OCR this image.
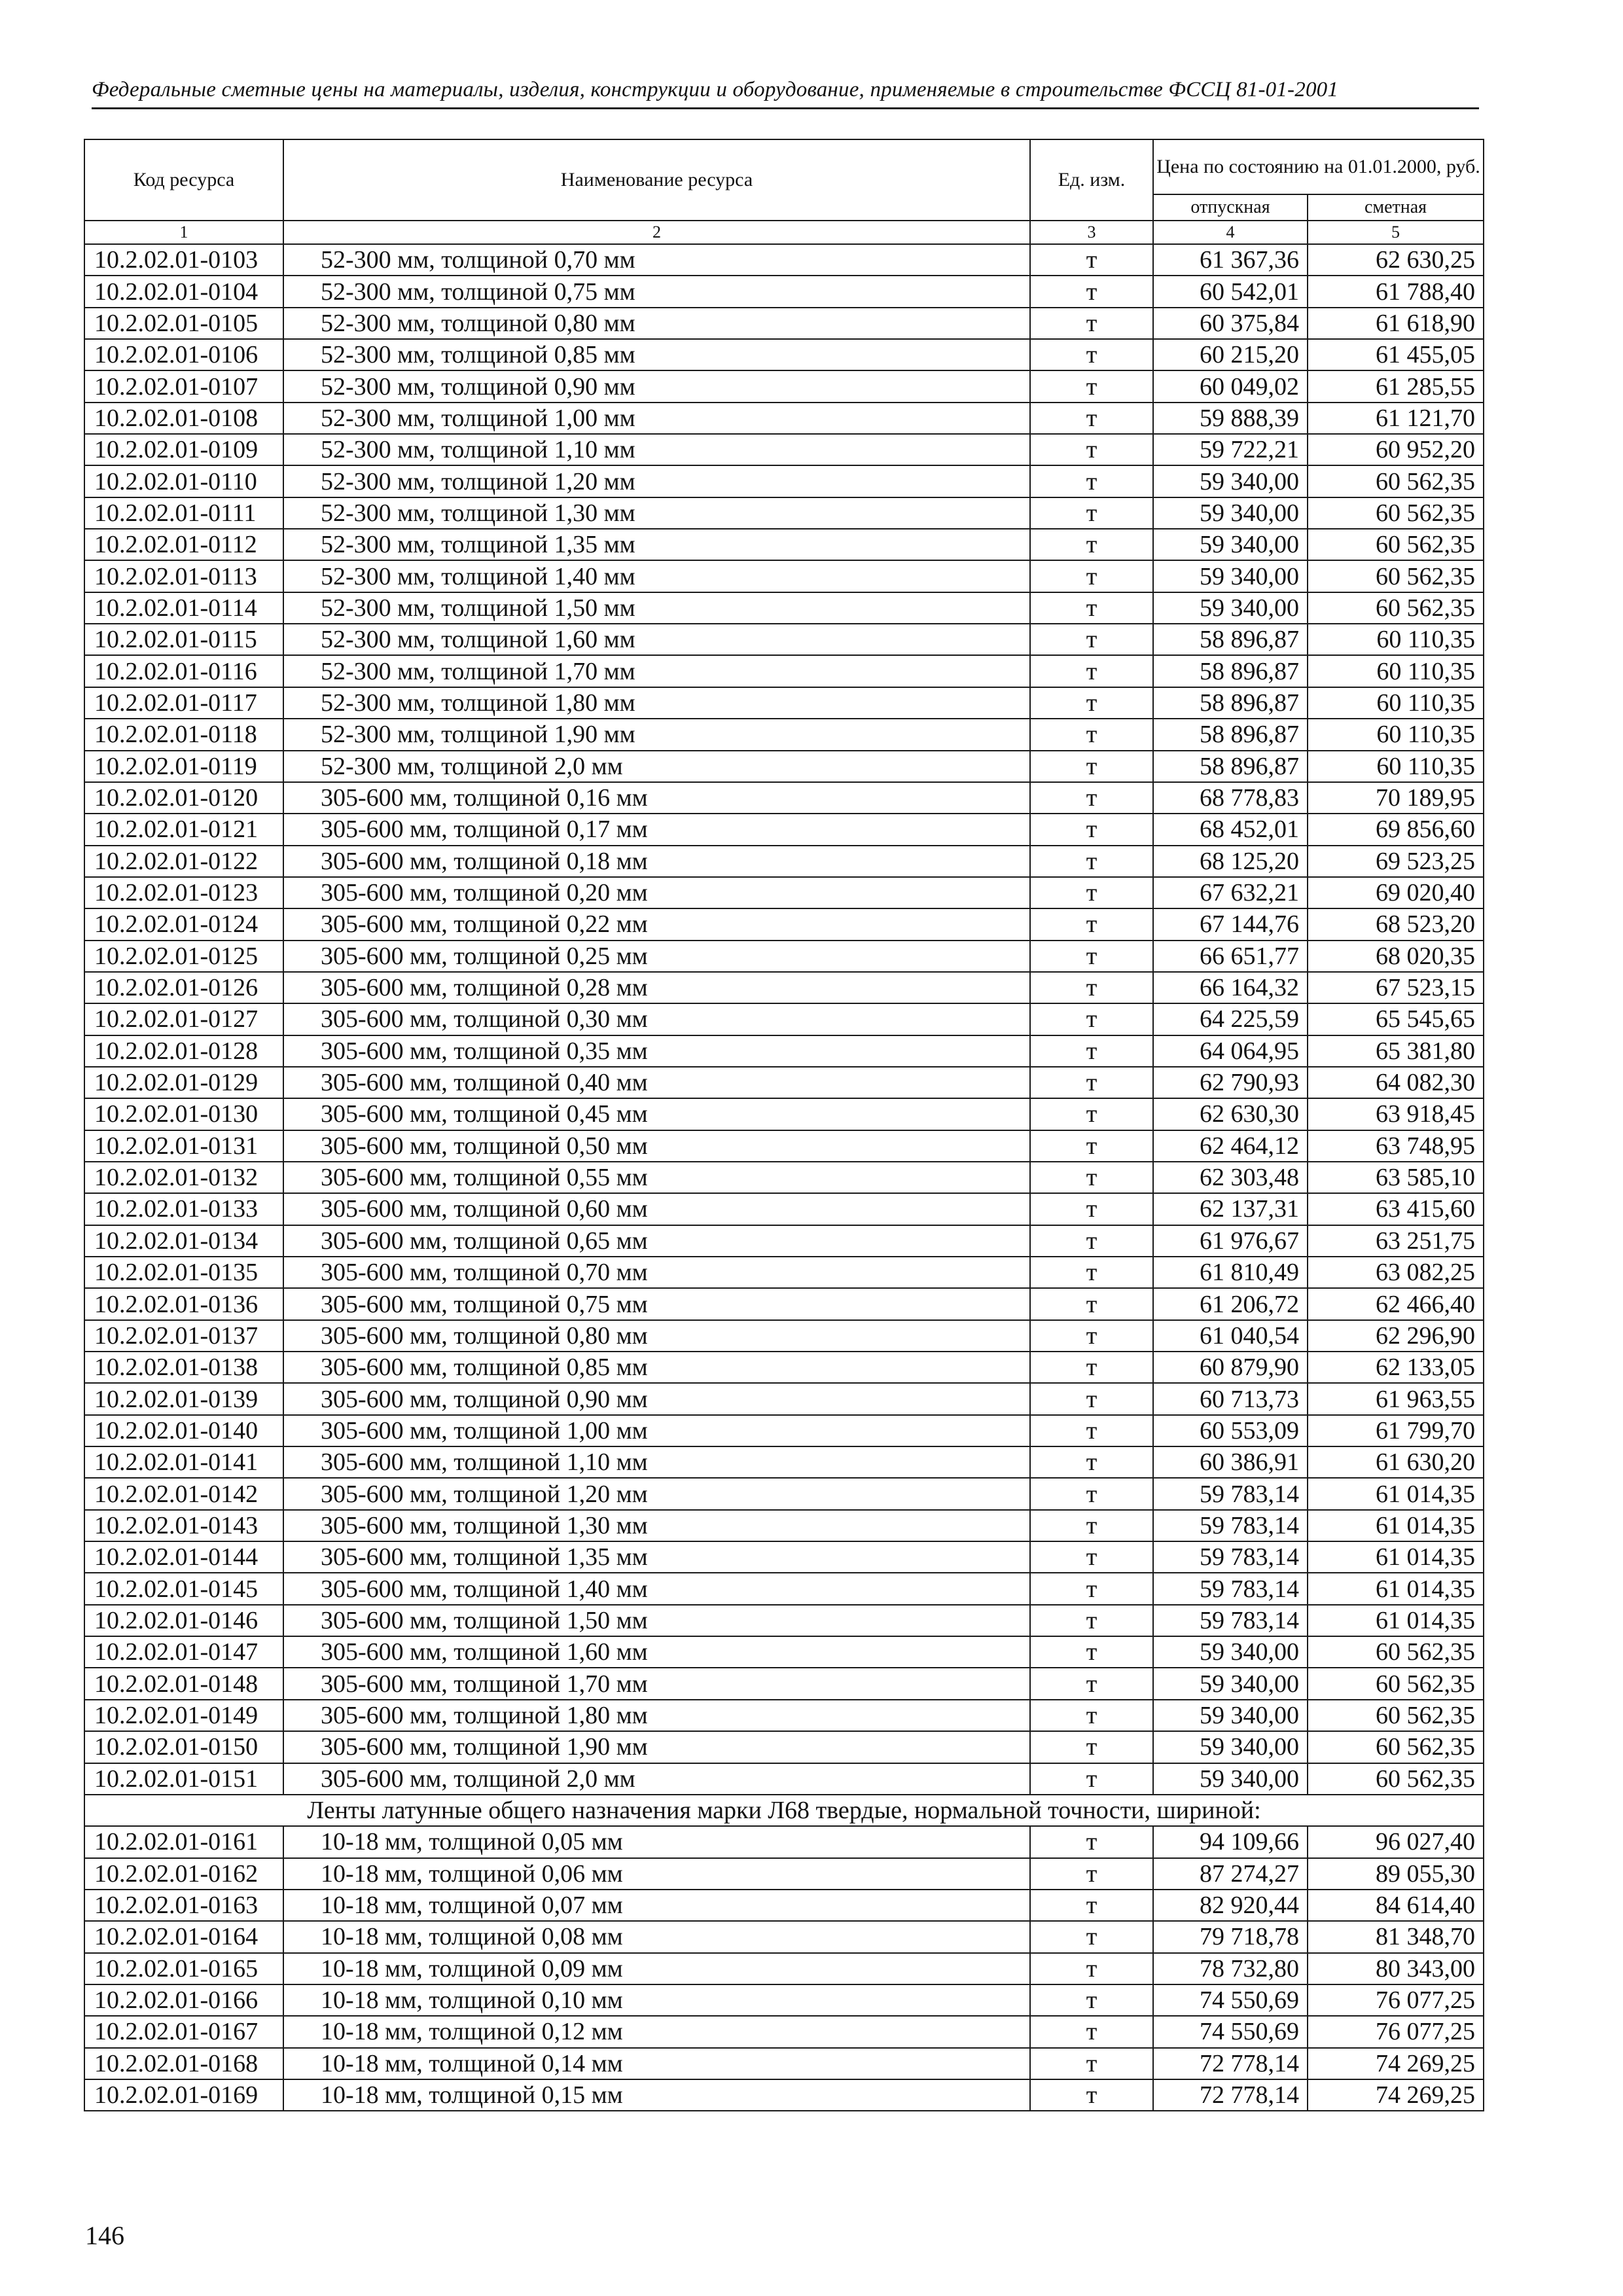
Федеральные сметные цены на материалы, изделия, конструкции и оборудование, применяемые в строительстве ФССЦ 81-01-2001
Код ресурса	Наименование ресурса	Ед. изм.	Цена по состоянию на 01.01.2000, руб.	
			отпускная	сметная
1	2	3	4	5
10.2.02.01-0103	52-300 мм, толщиной 0,70 мм	т	61 367,36	62 630,25
10.2.02.01-0104	52-300 мм, толщиной 0,75 мм	т	60 542,01	61 788,40
10.2.02.01-0105	52-300 мм, толщиной 0,80 мм	т	60 375,84	61 618,90
10.2.02.01-0106	52-300 мм, толщиной 0,85 мм	т	60 215,20	61 455,05
10.2.02.01-0107	52-300 мм, толщиной 0,90 мм	т	60 049,02	61 285,55
10.2.02.01-0108	52-300 мм, толщиной 1,00 мм	т	59 888,39	61 121,70
10.2.02.01-0109	52-300 мм, толщиной 1,10 мм	т	59 722,21	60 952,20
10.2.02.01-0110	52-300 мм, толщиной 1,20 мм	т	59 340,00	60 562,35
10.2.02.01-0111	52-300 мм, толщиной 1,30 мм	т	59 340,00	60 562,35
10.2.02.01-0112	52-300 мм, толщиной 1,35 мм	т	59 340,00	60 562,35
10.2.02.01-0113	52-300 мм, толщиной 1,40 мм	т	59 340,00	60 562,35
10.2.02.01-0114	52-300 мм, толщиной 1,50 мм	т	59 340,00	60 562,35
10.2.02.01-0115	52-300 мм, толщиной 1,60 мм	т	58 896,87	60 110,35
10.2.02.01-0116	52-300 мм, толщиной 1,70 мм	т	58 896,87	60 110,35
10.2.02.01-0117	52-300 мм, толщиной 1,80 мм	т	58 896,87	60 110,35
10.2.02.01-0118	52-300 мм, толщиной 1,90 мм	т	58 896,87	60 110,35
10.2.02.01-0119	52-300 мм, толщиной 2,0 мм	т	58 896,87	60 110,35
10.2.02.01-0120	305-600 мм, толщиной 0,16 мм	т	68 778,83	70 189,95
10.2.02.01-0121	305-600 мм, толщиной 0,17 мм	т	68 452,01	69 856,60
10.2.02.01-0122	305-600 мм, толщиной 0,18 мм	т	68 125,20	69 523,25
10.2.02.01-0123	305-600 мм, толщиной 0,20 мм	т	67 632,21	69 020,40
10.2.02.01-0124	305-600 мм, толщиной 0,22 мм	т	67 144,76	68 523,20
10.2.02.01-0125	305-600 мм, толщиной 0,25 мм	т	66 651,77	68 020,35
10.2.02.01-0126	305-600 мм, толщиной 0,28 мм	т	66 164,32	67 523,15
10.2.02.01-0127	305-600 мм, толщиной 0,30 мм	т	64 225,59	65 545,65
10.2.02.01-0128	305-600 мм, толщиной 0,35 мм	т	64 064,95	65 381,80
10.2.02.01-0129	305-600 мм, толщиной 0,40 мм	т	62 790,93	64 082,30
10.2.02.01-0130	305-600 мм, толщиной 0,45 мм	т	62 630,30	63 918,45
10.2.02.01-0131	305-600 мм, толщиной 0,50 мм	т	62 464,12	63 748,95
10.2.02.01-0132	305-600 мм, толщиной 0,55 мм	т	62 303,48	63 585,10
10.2.02.01-0133	305-600 мм, толщиной 0,60 мм	т	62 137,31	63 415,60
10.2.02.01-0134	305-600 мм, толщиной 0,65 мм	т	61 976,67	63 251,75
10.2.02.01-0135	305-600 мм, толщиной 0,70 мм	т	61 810,49	63 082,25
10.2.02.01-0136	305-600 мм, толщиной 0,75 мм	т	61 206,72	62 466,40
10.2.02.01-0137	305-600 мм, толщиной 0,80 мм	т	61 040,54	62 296,90
10.2.02.01-0138	305-600 мм, толщиной 0,85 мм	т	60 879,90	62 133,05
10.2.02.01-0139	305-600 мм, толщиной 0,90 мм	т	60 713,73	61 963,55
10.2.02.01-0140	305-600 мм, толщиной 1,00 мм	т	60 553,09	61 799,70
10.2.02.01-0141	305-600 мм, толщиной 1,10 мм	т	60 386,91	61 630,20
10.2.02.01-0142	305-600 мм, толщиной 1,20 мм	т	59 783,14	61 014,35
10.2.02.01-0143	305-600 мм, толщиной 1,30 мм	т	59 783,14	61 014,35
10.2.02.01-0144	305-600 мм, толщиной 1,35 мм	т	59 783,14	61 014,35
10.2.02.01-0145	305-600 мм, толщиной 1,40 мм	т	59 783,14	61 014,35
10.2.02.01-0146	305-600 мм, толщиной 1,50 мм	т	59 783,14	61 014,35
10.2.02.01-0147	305-600 мм, толщиной 1,60 мм	т	59 340,00	60 562,35
10.2.02.01-0148	305-600 мм, толщиной 1,70 мм	т	59 340,00	60 562,35
10.2.02.01-0149	305-600 мм, толщиной 1,80 мм	т	59 340,00	60 562,35
10.2.02.01-0150	305-600 мм, толщиной 1,90 мм	т	59 340,00	60 562,35
10.2.02.01-0151	305-600 мм, толщиной 2,0 мм	т	59 340,00	60 562,35
Ленты латунные общего назначения марки Л68 твердые, нормальной точности, шириной:				
10.2.02.01-0161	10-18 мм, толщиной 0,05 мм	т	94 109,66	96 027,40
10.2.02.01-0162	10-18 мм, толщиной 0,06 мм	т	87 274,27	89 055,30
10.2.02.01-0163	10-18 мм, толщиной 0,07 мм	т	82 920,44	84 614,40
10.2.02.01-0164	10-18 мм, толщиной 0,08 мм	т	79 718,78	81 348,70
10.2.02.01-0165	10-18 мм, толщиной 0,09 мм	т	78 732,80	80 343,00
10.2.02.01-0166	10-18 мм, толщиной 0,10 мм	т	74 550,69	76 077,25
10.2.02.01-0167	10-18 мм, толщиной 0,12 мм	т	74 550,69	76 077,25
10.2.02.01-0168	10-18 мм, толщиной 0,14 мм	т	72 778,14	74 269,25
10.2.02.01-0169	10-18 мм, толщиной 0,15 мм	т	72 778,14	74 269,25
146
